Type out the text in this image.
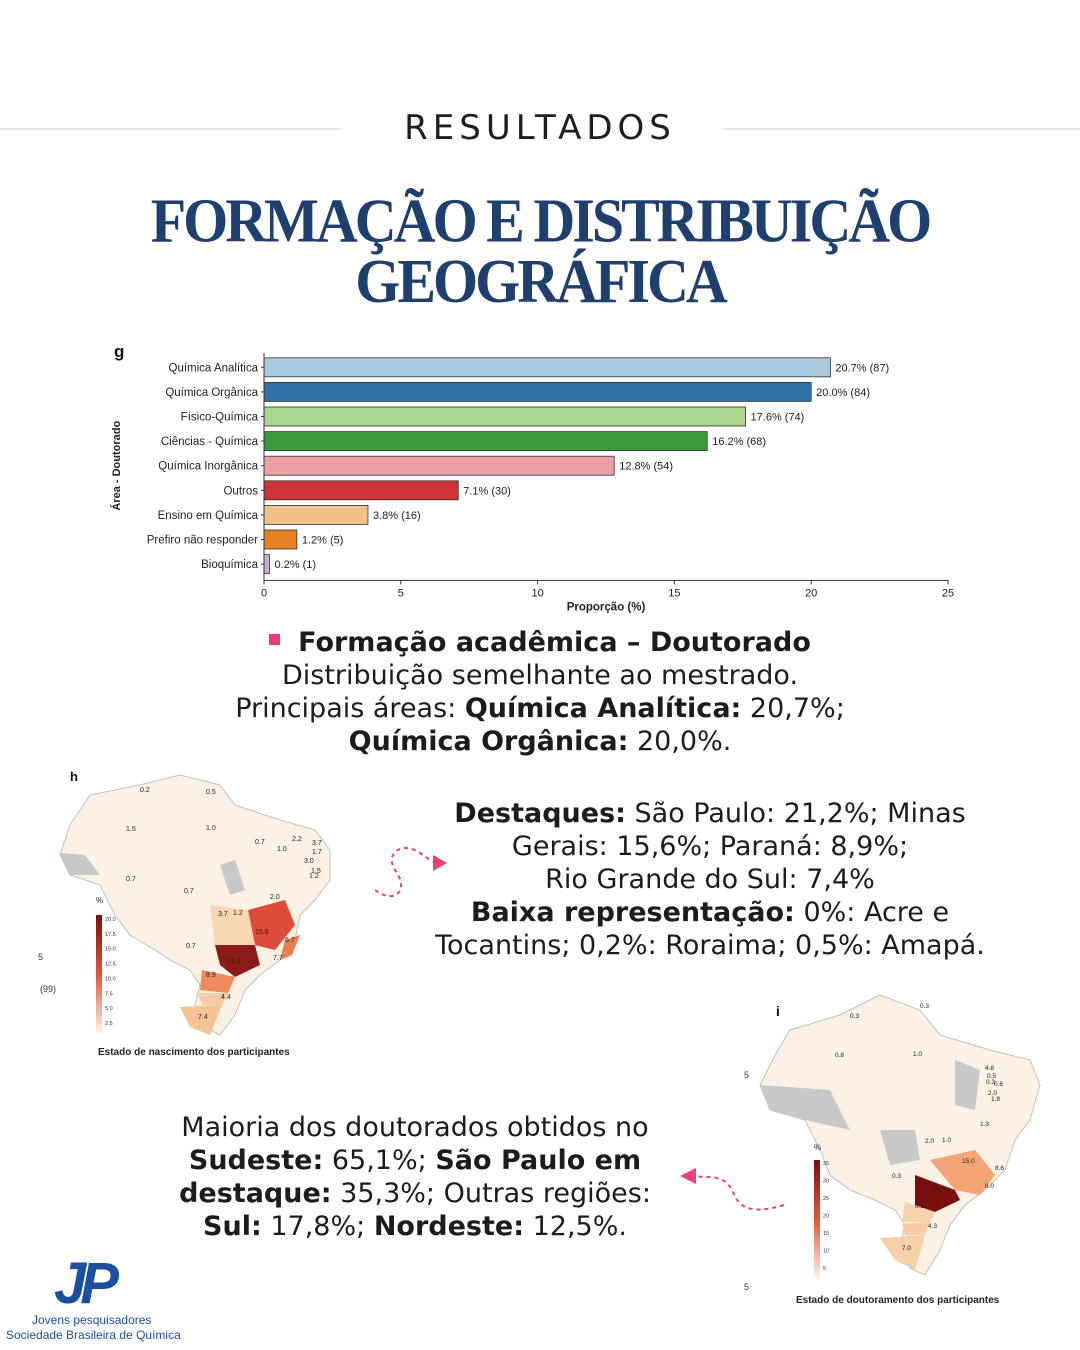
RESULTADOS
FORMAÇÃO E DISTRIBUIÇÃO
GEOGRÁFICA
g
Área - Doutorado
Química Analítica	20.7% (87)
Química Orgânica	20.0% (84)
Físico-Química	17.6% (74)
Ciências - Química	16.2% (68)
Química Inorgânica	12.8% (54)
Outros	7.1% (30)
Ensino em Química	3.8% (16)
Prefiro não responder	1.2% (5)
Bioquímica 0.2% (1)
0	5	10	15	20	25
Proporção (%)
Formação acadêmica – Doutorado
Distribuição semelhante ao mestrado.
Principais áreas: Química Analítica: 20,7%;
Química Orgânica: 20,0%.
h
5
(99)
0.2	0.5
1.5	1.0
0.7	2.2
3.7
1.7
1.0
3.0
1.5
1.2
0.7
0.7
2.0
3.7 1.2
15.6
6.7
0.7
21.2	7.7
8.9
4.4
7.4
%
20.0
17.5
15.0
12.5
10.0
7.5
5.0
2.5
Estado de nascimento dos participantes
Destaques: São Paulo: 21,2%; Minas
Gerais: 15,6%; Paraná: 8,9%;
Rio Grande do Sul: 7,4%
Baixa representação: 0%: Acre e
Tocantins; 0,2%: Roraima; 0,5%: Amapá.
i
5
5
0.3
0.3
0.8	1.0
4.8
0.5
0.6
2.0
1.8
0.3
1.3
2.0 1.0
15.0
0.3
8.6
35.3	8.0
6.5
4.3
7.0
%
35
30
25
20
15
10
5
Estado de doutoramento dos participantes
Maioria dos doutorados obtidos no
Sudeste: 65,1%; São Paulo em
destaque: 35,3%; Outras regiões:
Sul: 17,8%; Nordeste: 12,5%.
JP
Jovens pesquisadores
Sociedade Brasileira de Química
